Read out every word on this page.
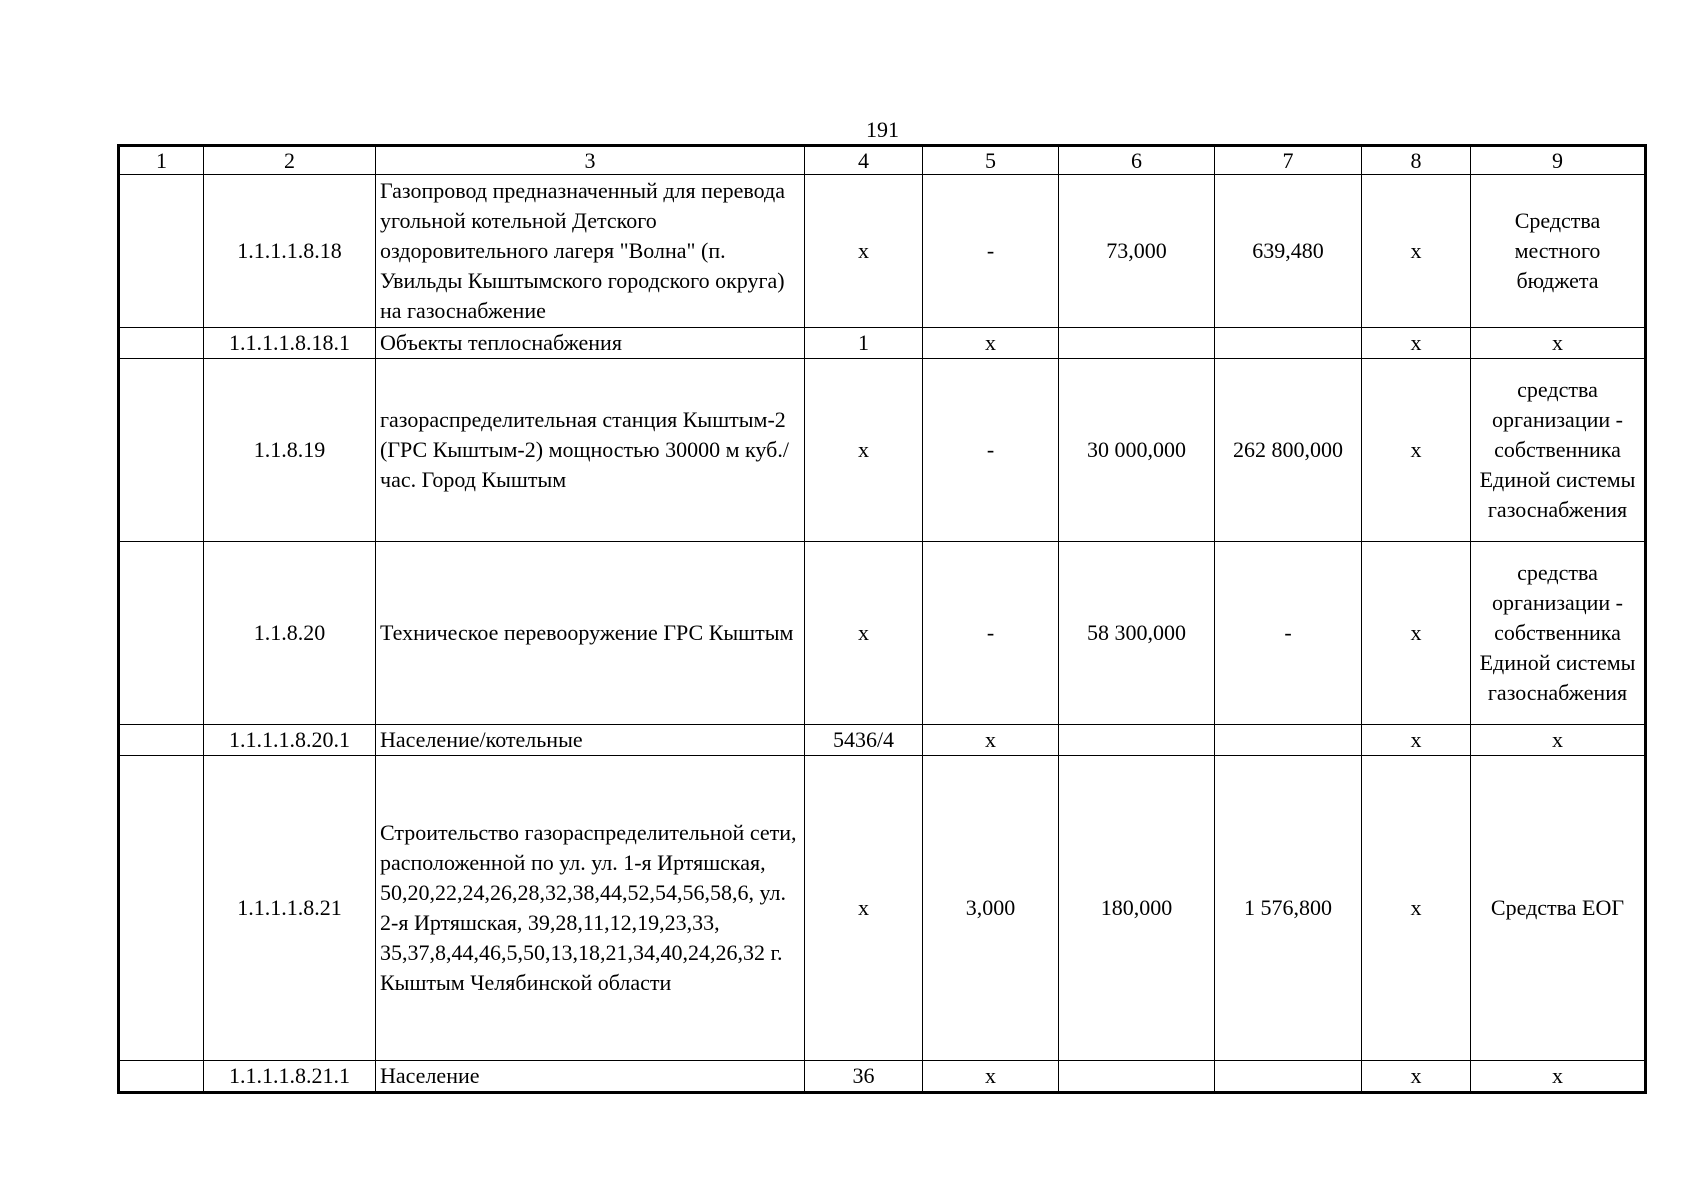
191
1	2	3	4	5	6	7	8	9
	1.1.1.1.8.18	Газопровод предназначенный для перевода угольной котельной Детского оздоровительного лагеря "Волна" (п. Увильды Кыштымского городского округа) на газоснабжение	х	-	73,000	639,480	х	Средства местного бюджета
	1.1.1.1.8.18.1	Объекты теплоснабжения	1	х			х	х
	1.1.8.19	газораспределительная станция Кыштым-2 (ГРС Кыштым-2) мощностью 30000 м куб./час. Город Кыштым	х	-	30 000,000	262 800,000	х	средства организации - собственника Единой системы газоснабжения
	1.1.8.20	Техническое перевооружение ГРС Кыштым	х	-	58 300,000	-	х	средства организации - собственника Единой системы газоснабжения
	1.1.1.1.8.20.1	Население/котельные	5436/4	х			х	х
	1.1.1.1.8.21	Строительство газораспределительной сети, расположенной по ул. ул. 1-я Иртяшская, 50,20,22,24,26,28,32,38,44,52,54,56,58,6, ул. 2-я Иртяшская, 39,28,11,12,19,23,33, 35,37,8,44,46,5,50,13,18,21,34,40,24,26,32 г. Кыштым Челябинской области	х	3,000	180,000	1 576,800	х	Средства ЕОГ
	1.1.1.1.8.21.1	Население	36	х			х	х
